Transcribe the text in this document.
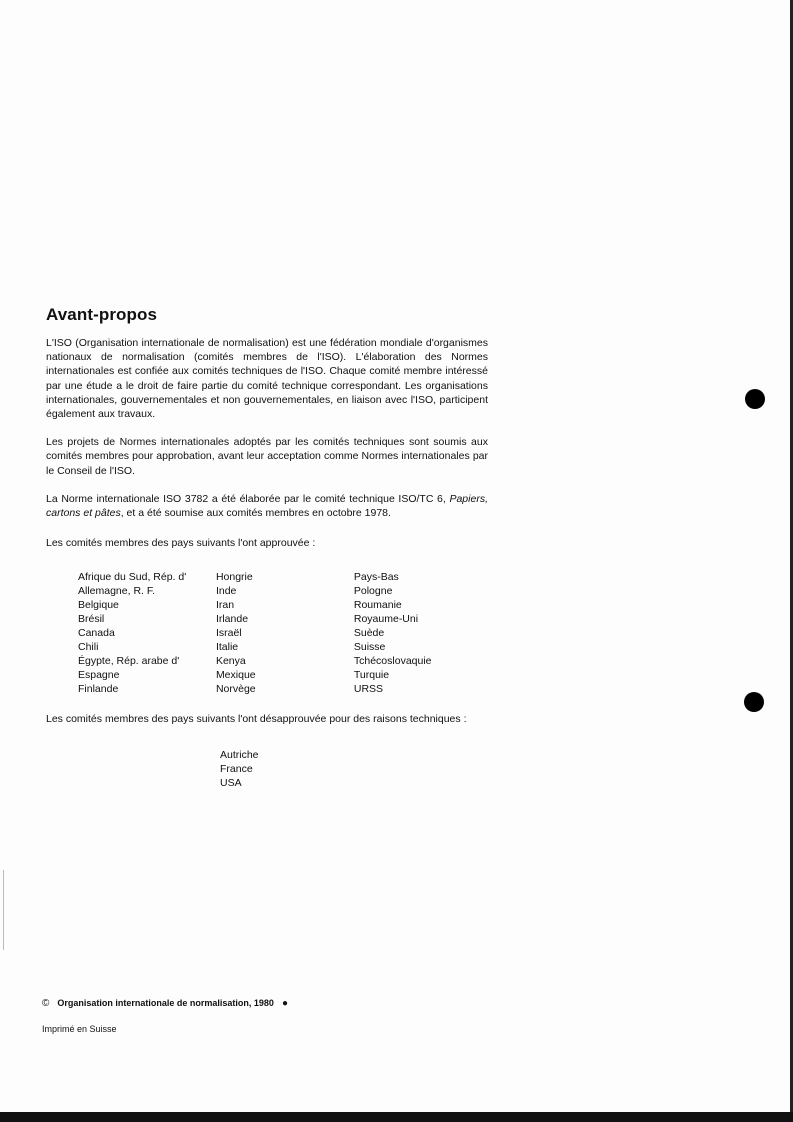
Avant-propos

L'ISO (Organisation internationale de normalisation) est une fédération mondiale d'organismes nationaux de normalisation (comités membres de l'ISO). L'élaboration des Normes internationales est confiée aux comités techniques de l'ISO. Chaque comité membre intéressé par une étude a le droit de faire partie du comité technique correspondant. Les organisations internationales, gouvernementales et non gouvernementales, en liaison avec l'ISO, participent également aux travaux.

Les projets de Normes internationales adoptés par les comités techniques sont soumis aux comités membres pour approbation, avant leur acceptation comme Normes internationales par le Conseil de l'ISO.

La Norme internationale ISO 3782 a été élaborée par le comité technique ISO/TC 6, Papiers, cartons et pâtes, et a été soumise aux comités membres en octobre 1978.

Les comités membres des pays suivants l'ont approuvée :

Afrique du Sud, Rép. d'
Allemagne, R. F.
Belgique
Brésil
Canada
Chili
Égypte, Rép. arabe d'
Espagne
Finlande
Hongrie
Inde
Iran
Irlande
Israël
Italie
Kenya
Mexique
Norvège
Pays-Bas
Pologne
Roumanie
Royaume-Uni
Suède
Suisse
Tchécoslovaquie
Turquie
URSS

Les comités membres des pays suivants l'ont désapprouvée pour des raisons techniques :

Autriche
France
USA
© Organisation internationale de normalisation, 1980 ●
Imprimé en Suisse
